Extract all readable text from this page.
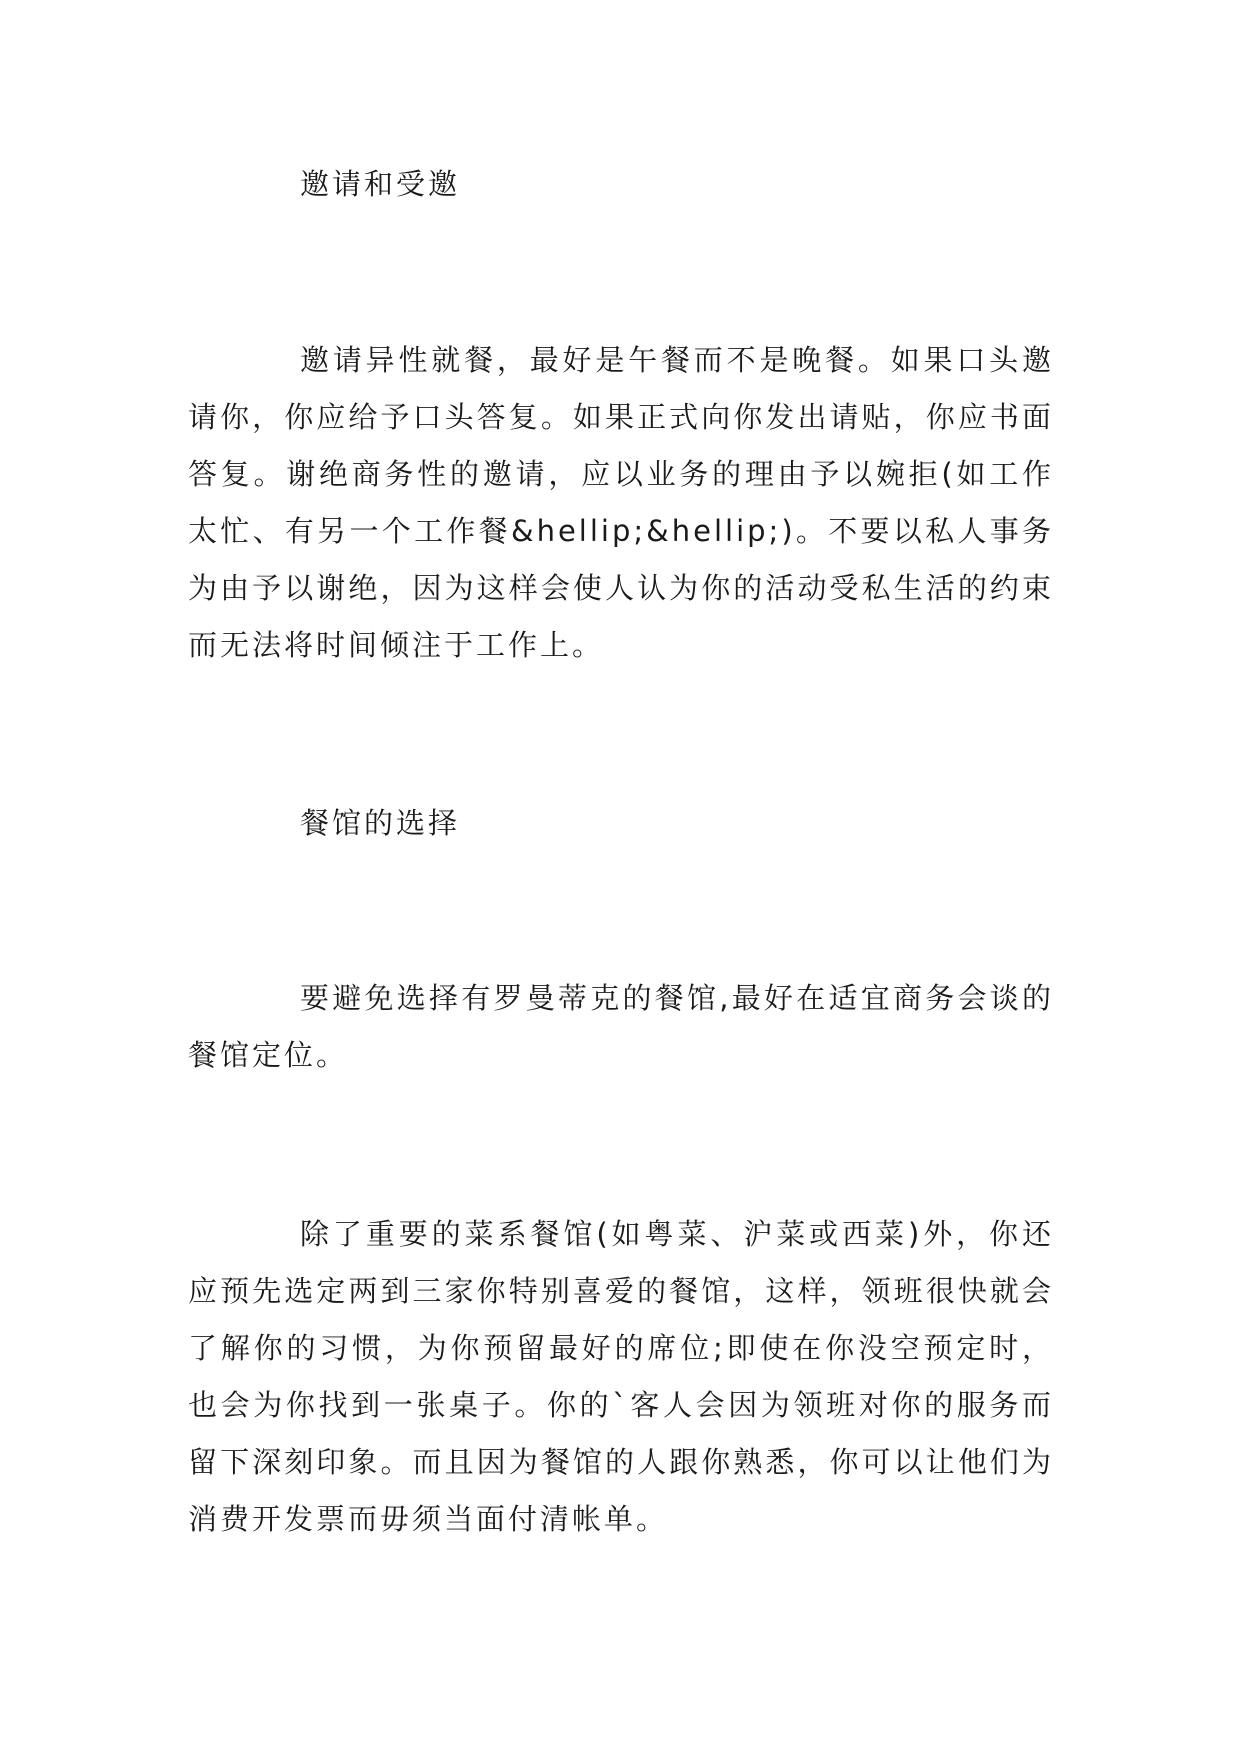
邀请和受邀

邀请异性就餐，最好是午餐而不是晚餐。如果口头邀请你，你应给予口头答复。如果正式向你发出请贴，你应书面答复。谢绝商务性的邀请，应以业务的理由予以婉拒(如工作太忙、有另一个工作餐&hellip;&hellip;)。不要以私人事务为由予以谢绝，因为这样会使人认为你的活动受私生活的约束而无法将时间倾注于工作上。

餐馆的选择

要避免选择有罗曼蒂克的餐馆,最好在适宜商务会谈的餐馆定位。

除了重要的菜系餐馆(如粤菜、沪菜或西菜)外，你还应预先选定两到三家你特别喜爱的餐馆，这样，领班很快就会了解你的习惯，为你预留最好的席位;即使在你没空预定时，也会为你找到一张桌子。你的`客人会因为领班对你的服务而留下深刻印象。而且因为餐馆的人跟你熟悉，你可以让他们为消费开发票而毋须当面付清帐单。
